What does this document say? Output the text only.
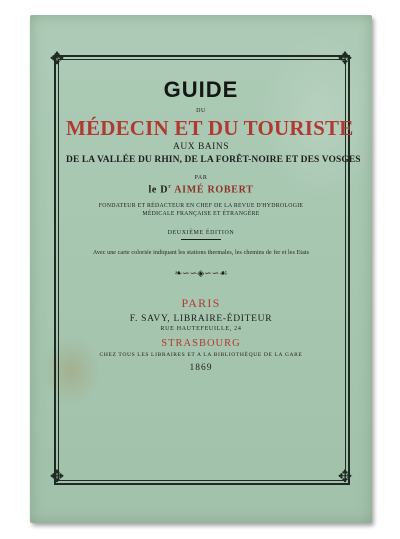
✥	✥
✥	✥
GUIDE
DU
MÉDECIN ET DU TOURISTE
AUX BAINS
DE LA VALLÉE DU RHIN, DE LA FORÊT-NOIRE ET DES VOSGES
PAR
le $D^r$ AIMÉ ROBERT
FONDATEUR ET RÉDACTEUR EN CHEF DE LA REVUE D'HYDROLOGIE
MÉDICALE FRANÇAISE ET ÉTRANGÈRE
DEUXIÈME ÉDITION
Avec une carte coloriée indiquant les stations thermales, les chemins de fer et les Etats
❧∽∽◈∽∽☙
PARIS
F. SAVY, LIBRAIRE-ÉDITEUR
RUE HAUTEFEUILLE, 24
STRASBOURG
CHEZ TOUS LES LIBRAIRES ET A LA BIBLIOTHÈQUE DE LA GARE
1869
